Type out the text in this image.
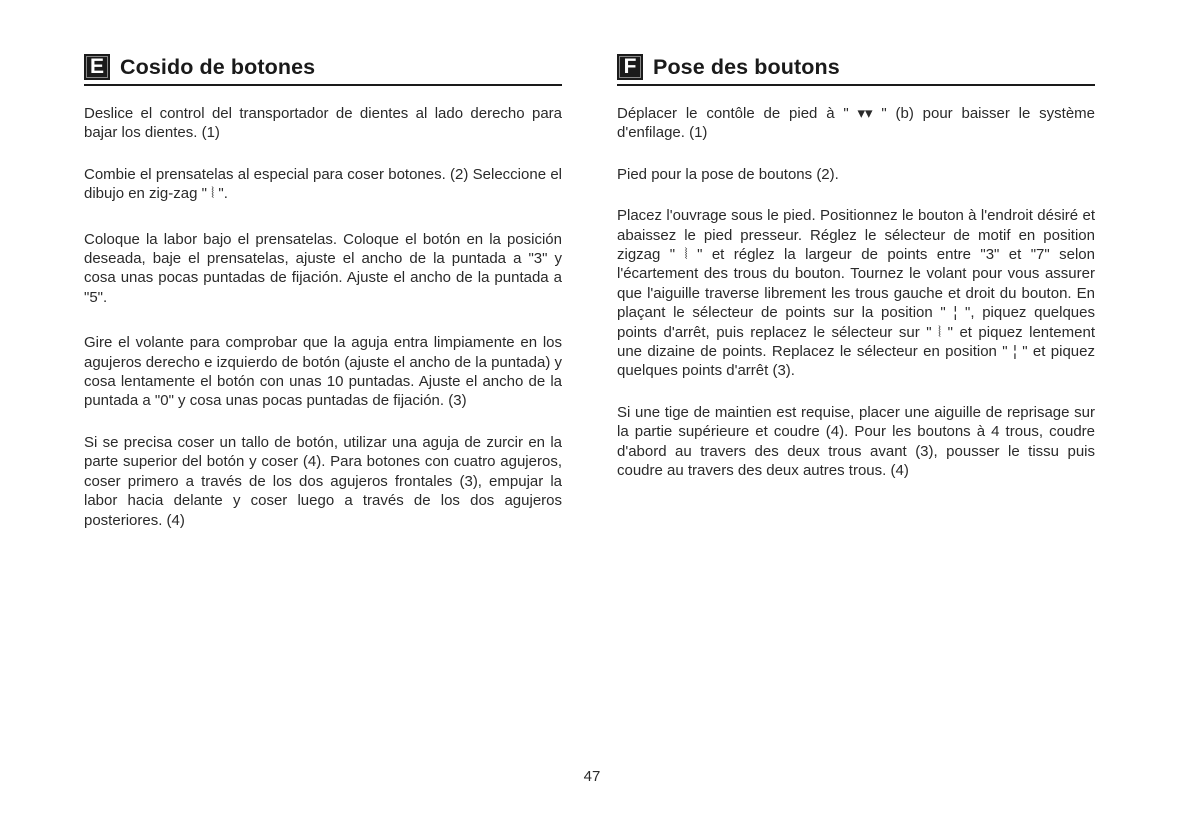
E Cosido de botones

Deslice el control del transportador de dientes al lado derecho para bajar los dientes. (1)

Combie el prensatelas al especial para coser botones. (2) Seleccione el dibujo en zig-zag " ⦚ ".

Coloque la labor bajo el prensatelas. Coloque el botón en la posición deseada, baje el prensatelas, ajuste el ancho de la puntada a "3" y cosa unas pocas puntadas de fijación. Ajuste el ancho de la puntada a "5".

Gire el volante para comprobar que la aguja entra limpiamente en los agujeros derecho e izquierdo de botón (ajuste el ancho de la puntada) y cosa lentamente el botón con unas 10 puntadas. Ajuste el ancho de la puntada a "0" y cosa unas pocas puntadas de fijación. (3)

Si se precisa coser un tallo de botón, utilizar una aguja de zurcir en la parte superior del botón y coser (4). Para botones con cuatro agujeros, coser primero a través de los dos agujeros frontales (3), empujar la labor hacia delante y coser luego a través de los dos agujeros posteriores. (4)

F Pose des boutons

Déplacer le contôle de pied à " ▾▾ " (b) pour baisser le système d'enfilage. (1)

Pied pour la pose de boutons (2).

Placez l'ouvrage sous le pied. Positionnez le bouton à l'endroit désiré et abaissez le pied presseur. Réglez le sélecteur de motif en position zigzag " ⦚ " et réglez la largeur de points entre "3" et "7" selon l'écartement des trous du bouton. Tournez le volant pour vous assurer que l'aiguille traverse librement les trous gauche et droit du bouton. En plaçant le sélecteur de points sur la position " ¦ ", piquez quelques points d'arrêt, puis replacez le sélecteur sur " ⦚ " et piquez lentement une dizaine de points. Replacez le sélecteur en position " ¦ " et piquez quelques points d'arrêt (3).

Si une tige de maintien est requise, placer une aiguille de reprisage sur la partie supérieure et coudre (4). Pour les boutons à 4 trous, coudre d'abord au travers des deux trous avant (3), pousser le tissu puis coudre au travers des deux autres trous. (4)

47
